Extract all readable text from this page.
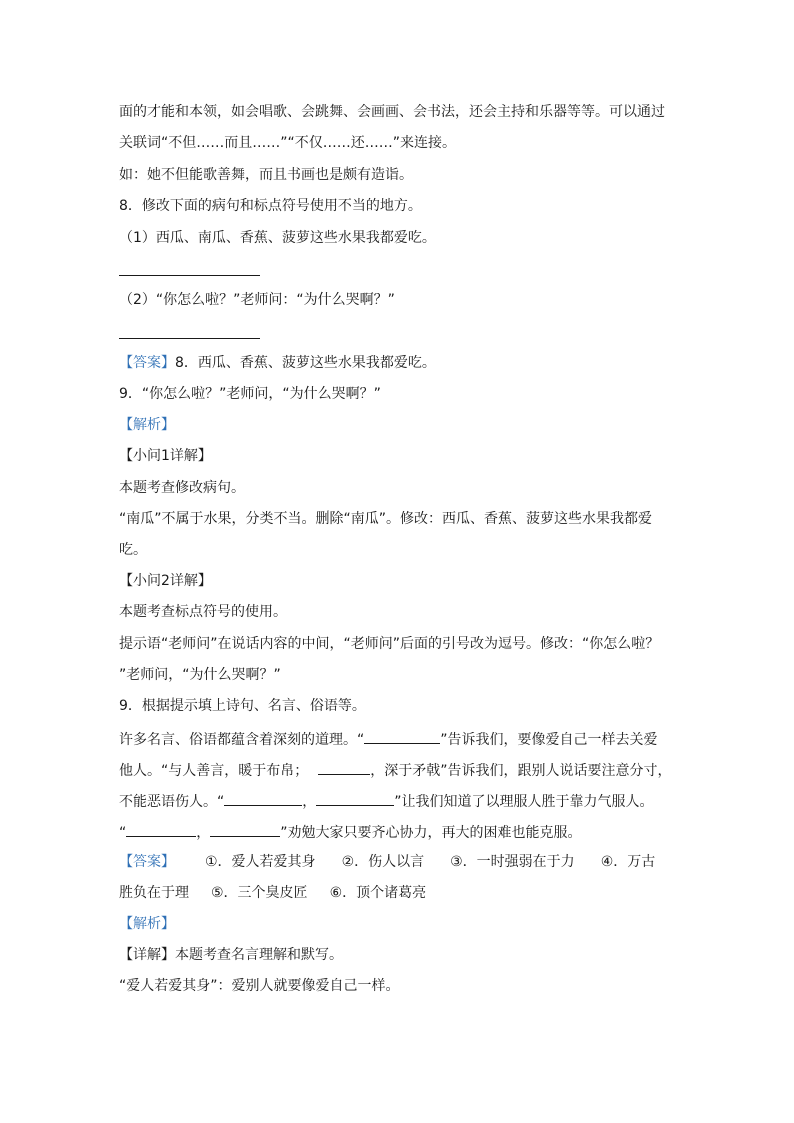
面的才能和本领，如会唱歌、会跳舞、会画画、会书法，还会主持和乐器等等。可以通过
关联词“不但……而且……”“不仅……还……”来连接。
如：她不但能歌善舞，而且书画也是颇有造诣。
8．修改下面的病句和标点符号使用不当的地方。
（1）西瓜、南瓜、香蕉、菠萝这些水果我都爱吃。
（2）“你怎么啦？”老师问：“为什么哭啊？”
【答案】8．西瓜、香蕉、菠萝这些水果我都爱吃。
9．“你怎么啦？”老师问，“为什么哭啊？”
【解析】
【小问1详解】
本题考查修改病句。
“南瓜”不属于水果，分类不当。删除“南瓜”。修改：西瓜、香蕉、菠萝这些水果我都爱
吃。
【小问2详解】
本题考查标点符号的使用。
提示语“老师问”在说话内容的中间，“老师问”后面的引号改为逗号。修改：“你怎么啦？
”老师问，“为什么哭啊？”
9．根据提示填上诗句、名言、俗语等。
许多名言、俗语都蕴含着深刻的道理。“	”告诉我们，要像爱自己一样去关爱
他人。“与人善言，暖于布帛；	，深于矛戟”告诉我们，跟别人说话要注意分寸，
不能恶语伤人。“	，	”让我们知道了以理服人胜于靠力气服人。
“	，	”劝勉大家只要齐心协力，再大的困难也能克服。
【答案】 ①．爱人若爱其身 ②．伤人以言 ③．一时强弱在于力 ④．万古
胜负在于理 ⑤．三个臭皮匠 ⑥．顶个诸葛亮
【解析】
【详解】本题考查名言理解和默写。
“爱人若爱其身”：爱别人就要像爱自己一样。
